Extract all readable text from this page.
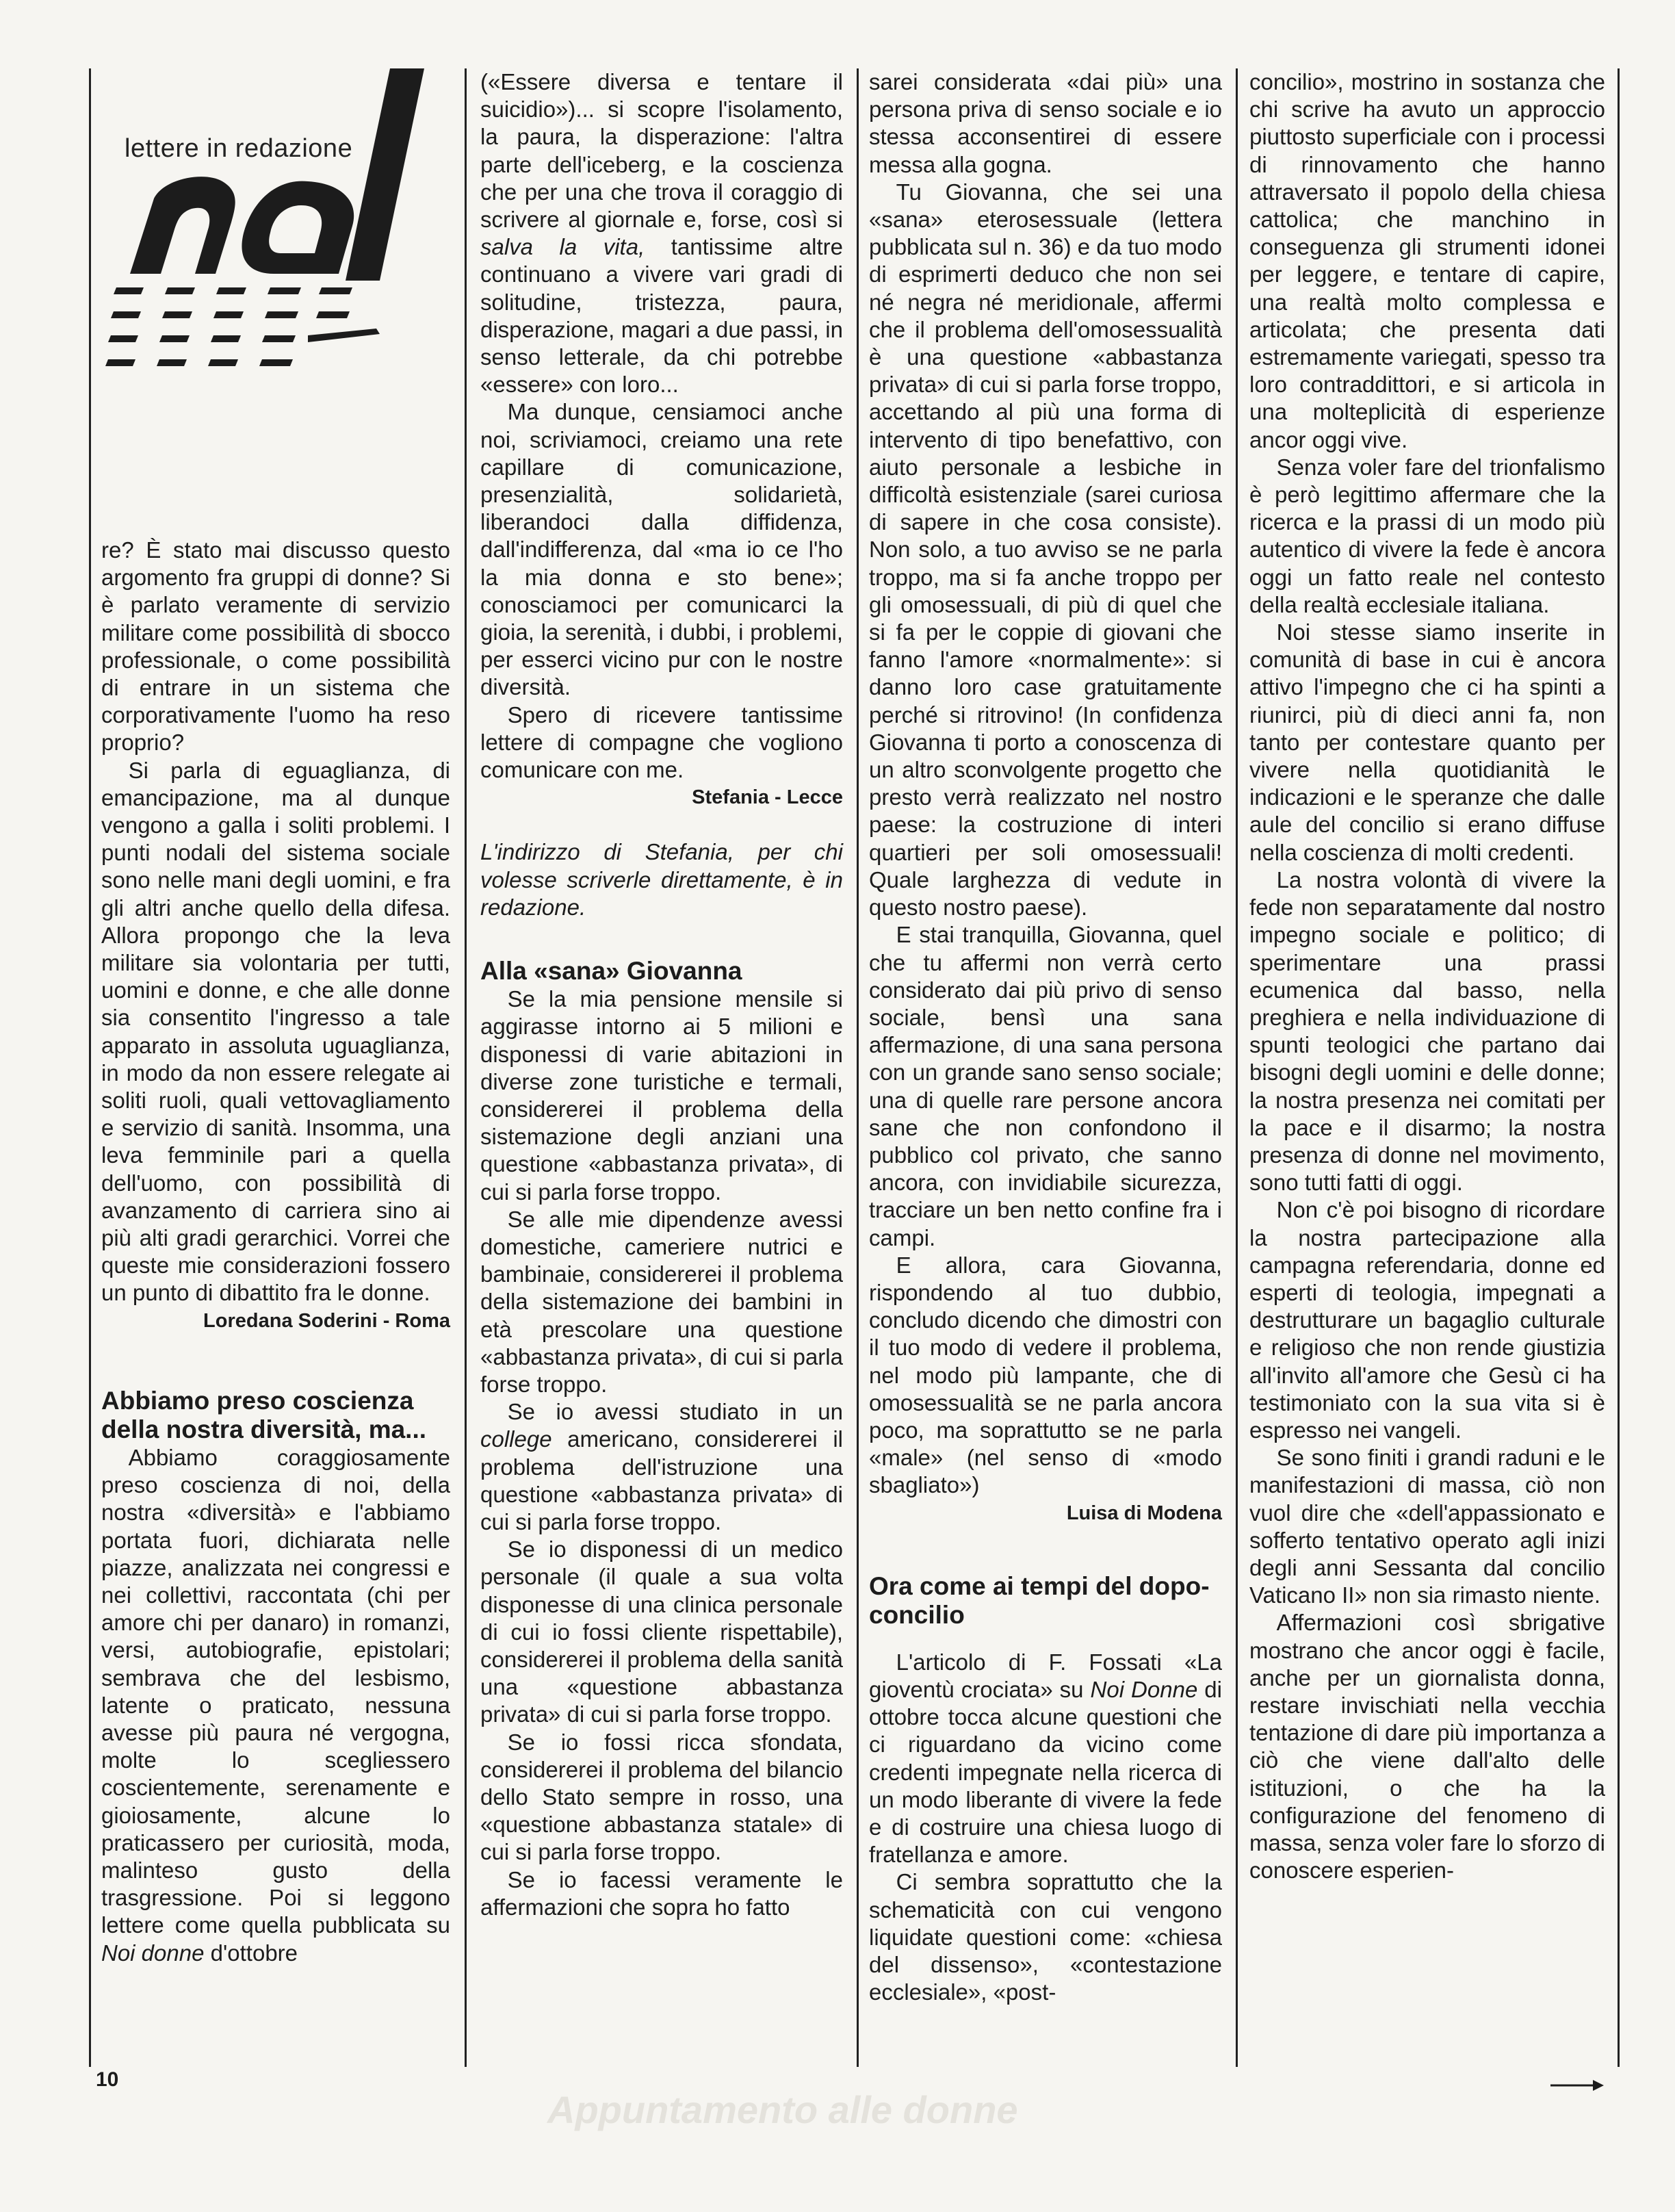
lettere in redazione

re? È stato mai discusso questo argomento fra gruppi di donne? Si è parlato veramente di servizio militare come possibilità di sbocco professionale, o come possibilità di entrare in un sistema che corporativamente l'uomo ha reso proprio?

Si parla di eguaglianza, di emancipazione, ma al dunque vengono a galla i soliti problemi. I punti nodali del sistema sociale sono nelle mani degli uomini, e fra gli altri anche quello della difesa. Allora propongo che la leva militare sia volontaria per tutti, uomini e donne, e che alle donne sia consentito l'ingresso a tale apparato in assoluta uguaglianza, in modo da non essere relegate ai soliti ruoli, quali vettovagliamento e servizio di sanità. Insomma, una leva femminile pari a quella dell'uomo, con possibilità di avanzamento di carriera sino ai più alti gradi gerarchici. Vorrei che queste mie considerazioni fossero un punto di dibattito fra le donne.

Loredana Soderini - Roma

Abbiamo preso coscienza della nostra diversità, ma...

Abbiamo coraggiosamente preso coscienza di noi, della nostra «diversità» e l'abbiamo portata fuori, dichiarata nelle piazze, analizzata nei congressi e nei collettivi, raccontata (chi per amore chi per danaro) in romanzi, versi, autobiografie, epistolari; sembrava che del lesbismo, latente o praticato, nessuna avesse più paura né vergogna, molte lo scegliessero coscientemente, serenamente e gioiosamente, alcune lo praticassero per curiosità, moda, malinteso gusto della trasgressione. Poi si leggono lettere come quella pubblicata su Noi donne d'ottobre

(«Essere diversa e tentare il suicidio»)... si scopre l'isolamento, la paura, la disperazione: l'altra parte dell'iceberg, e la coscienza che per una che trova il coraggio di scrivere al giornale e, forse, così si salva la vita, tantissime altre continuano a vivere vari gradi di solitudine, tristezza, paura, disperazione, magari a due passi, in senso letterale, da chi potrebbe «essere» con loro...

Ma dunque, censiamoci anche noi, scriviamoci, creiamo una rete capillare di comunicazione, presenzialità, solidarietà, liberandoci dalla diffidenza, dall'indifferenza, dal «ma io ce l'ho la mia donna e sto bene»; conosciamoci per comunicarci la gioia, la serenità, i dubbi, i problemi, per esserci vicino pur con le nostre diversità.

Spero di ricevere tantissime lettere di compagne che vogliono comunicare con me.

Stefania - Lecce

L'indirizzo di Stefania, per chi volesse scriverle direttamente, è in redazione.

Alla «sana» Giovanna

Se la mia pensione mensile si aggirasse intorno ai 5 milioni e disponessi di varie abitazioni in diverse zone turistiche e termali, considererei il problema della sistemazione degli anziani una questione «abbastanza privata», di cui si parla forse troppo.

Se alle mie dipendenze avessi domestiche, cameriere nutrici e bambinaie, considererei il problema della sistemazione dei bambini in età prescolare una questione «abbastanza privata», di cui si parla forse troppo.

Se io avessi studiato in un college americano, considererei il problema dell'istruzione una questione «abbastanza privata» di cui si parla forse troppo.

Se io disponessi di un medico personale (il quale a sua volta disponesse di una clinica personale di cui io fossi cliente rispettabile), considererei il problema della sanità una «questione abbastanza privata» di cui si parla forse troppo.

Se io fossi ricca sfondata, considererei il problema del bilancio dello Stato sempre in rosso, una «questione abbastanza statale» di cui si parla forse troppo.

Se io facessi veramente le affermazioni che sopra ho fatto

sarei considerata «dai più» una persona priva di senso sociale e io stessa acconsentirei di essere messa alla gogna.

Tu Giovanna, che sei una «sana» eterosessuale (lettera pubblicata sul n. 36) e da tuo modo di esprimerti deduco che non sei né negra né meridionale, affermi che il problema dell'omosessualità è una questione «abbastanza privata» di cui si parla forse troppo, accettando al più una forma di intervento di tipo benefattivo, con aiuto personale a lesbiche in difficoltà esistenziale (sarei curiosa di sapere in che cosa consiste). Non solo, a tuo avviso se ne parla troppo, ma si fa anche troppo per gli omosessuali, di più di quel che si fa per le coppie di giovani che fanno l'amore «normalmente»: si danno loro case gratuitamente perché si ritrovino! (In confidenza Giovanna ti porto a conoscenza di un altro sconvolgente progetto che presto verrà realizzato nel nostro paese: la costruzione di interi quartieri per soli omosessuali! Quale larghezza di vedute in questo nostro paese).

E stai tranquilla, Giovanna, quel che tu affermi non verrà certo considerato dai più privo di senso sociale, bensì una sana affermazione, di una sana persona con un grande sano senso sociale; una di quelle rare persone ancora sane che non confondono il pubblico col privato, che sanno ancora, con invidiabile sicurezza, tracciare un ben netto confine fra i campi.

E allora, cara Giovanna, rispondendo al tuo dubbio, concludo dicendo che dimostri con il tuo modo di vedere il problema, nel modo più lampante, che di omosessualità se ne parla ancora poco, ma soprattutto se ne parla «male» (nel senso di «modo sbagliato»)

Luisa di Modena

Ora come ai tempi del dopo-concilio

L'articolo di F. Fossati «La gioventù crociata» su Noi Donne di ottobre tocca alcune questioni che ci riguardano da vicino come credenti impegnate nella ricerca di un modo liberante di vivere la fede e di costruire una chiesa luogo di fratellanza e amore.

Ci sembra soprattutto che la schematicità con cui vengono liquidate questioni come: «chiesa del dissenso», «contestazione ecclesiale», «post-

concilio», mostrino in sostanza che chi scrive ha avuto un approccio piuttosto superficiale con i processi di rinnovamento che hanno attraversato il popolo della chiesa cattolica; che manchino in conseguenza gli strumenti idonei per leggere, e tentare di capire, una realtà molto complessa e articolata; che presenta dati estremamente variegati, spesso tra loro contraddittori, e si articola in una molteplicità di esperienze ancor oggi vive.

Senza voler fare del trionfalismo è però legittimo affermare che la ricerca e la prassi di un modo più autentico di vivere la fede è ancora oggi un fatto reale nel contesto della realtà ecclesiale italiana.

Noi stesse siamo inserite in comunità di base in cui è ancora attivo l'impegno che ci ha spinti a riunirci, più di dieci anni fa, non tanto per contestare quanto per vivere nella quotidianità le indicazioni e le speranze che dalle aule del concilio si erano diffuse nella coscienza di molti credenti.

La nostra volontà di vivere la fede non separatamente dal nostro impegno sociale e politico; di sperimentare una prassi ecumenica dal basso, nella preghiera e nella individuazione di spunti teologici che partano dai bisogni degli uomini e delle donne; la nostra presenza nei comitati per la pace e il disarmo; la nostra presenza di donne nel movimento, sono tutti fatti di oggi.

Non c'è poi bisogno di ricordare la nostra partecipazione alla campagna referendaria, donne ed esperti di teologia, impegnati a destrutturare un bagaglio culturale e religioso che non rende giustizia all'invito all'amore che Gesù ci ha testimoniato con la sua vita si è espresso nei vangeli.

Se sono finiti i grandi raduni e le manifestazioni di massa, ciò non vuol dire che «dell'appassionato e sofferto tentativo operato agli inizi degli anni Sessanta dal concilio Vaticano II» non sia rimasto niente.

Affermazioni così sbrigative mostrano che ancor oggi è facile, anche per un giornalista donna, restare invischiati nella vecchia tentazione di dare più importanza a ciò che viene dall'alto delle istituzioni, o che ha la configurazione del fenomeno di massa, senza voler fare lo sforzo di conoscere esperien-

10
Appuntamento alle donne
